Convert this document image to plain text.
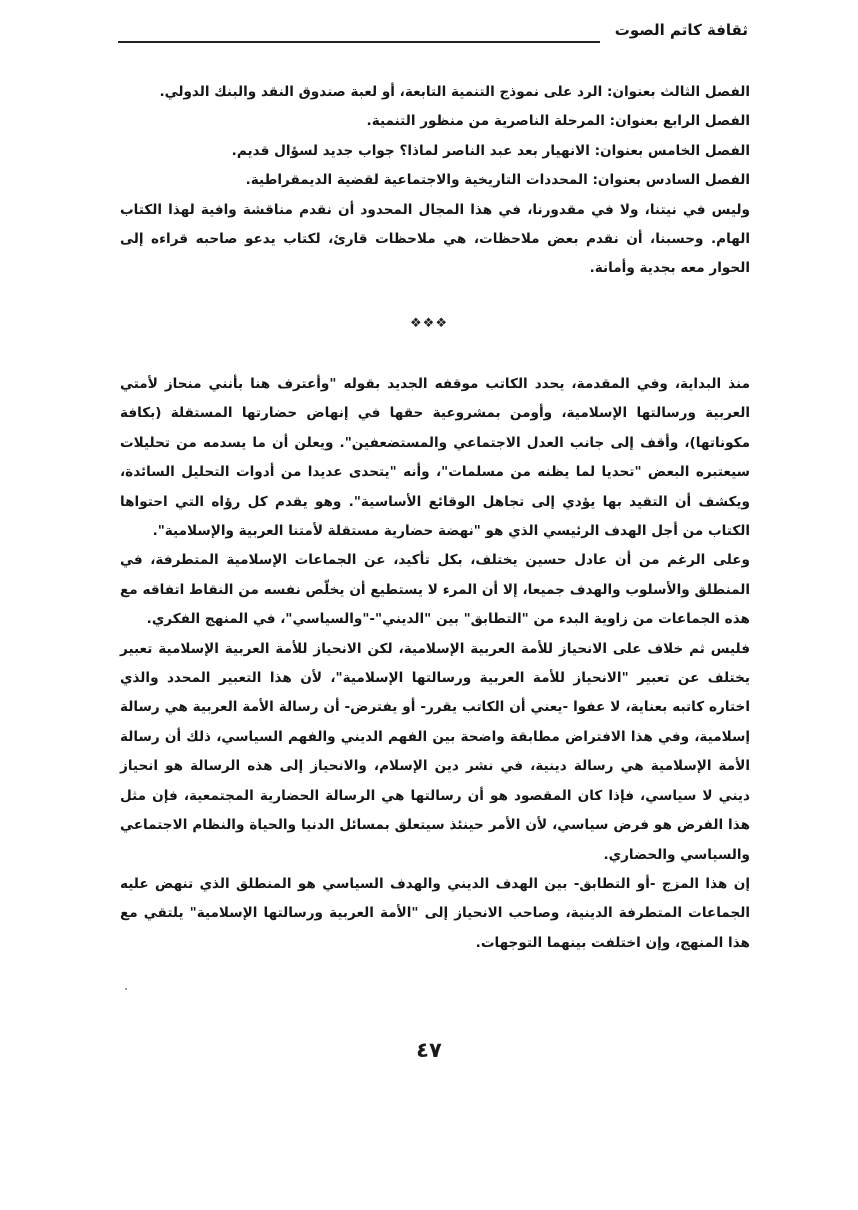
ثقافة كاتم الصوت

الفصل الثالث بعنوان: الرد على نموذج التنمية التابعة، أو لعبة صندوق النقد والبنك الدولي.

الفصل الرابع بعنوان: المرحلة الناصرية من منظور التنمية.

الفصل الخامس بعنوان: الانهيار بعد عبد الناصر لماذا؟ جواب جديد لسؤال قديم.

الفصل السادس بعنوان: المحددات التاريخية والاجتماعية لقضية الديمقراطية.

وليس في نيتنا، ولا في مقدورنا، في هذا المجال المحدود أن نقدم مناقشة وافية لهذا الكتاب الهام. وحسبنا، أن نقدم بعض ملاحظات، هي ملاحظات قارئ، لكتاب يدعو صاحبه قراءه إلى الحوار معه بجدية وأمانة.

❖❖❖

منذ البداية، وفي المقدمة، يحدد الكاتب موقفه الجديد بقوله "وأعترف هنا بأنني منحاز لأمتي العربية ورسالتها الإسلامية، وأومن بمشروعية حقها في إنهاض حضارتها المستقلة (بكافة مكوناتها)، وأقف إلى جانب العدل الاجتماعي والمستضعفين". ويعلن أن ما يسدمه من تحليلات سيعتبره البعض "تحديا لما يظنه من مسلمات"، وأنه "يتحدى عديدا من أدوات التحليل السائدة، ويكشف أن التقيد بها يؤدي إلى تجاهل الوقائع الأساسية". وهو يقدم كل رؤاه التي احتواها الكتاب من أجل الهدف الرئيسي الذي هو "نهضة حضارية مستقلة لأمتنا العربية والإسلامية".

وعلى الرغم من أن عادل حسين يختلف، بكل تأكيد، عن الجماعات الإسلامية المتطرفة، في المنطلق والأسلوب والهدف جميعا، إلا أن المرء لا يستطيع أن يخلّص نفسه من النقاط اتفاقه مع هذه الجماعات من زاوية البدء من "التطابق" بين "الديني"-"والسياسي"، في المنهج الفكري.

فليس ثم خلاف على الانحياز للأمة العربية الإسلامية، لكن الانحياز للأمة العربية الإسلامية تعبير يختلف عن تعبير "الانحياز للأمة العربية ورسالتها الإسلامية"، لأن هذا التعبير المحدد والذي اختاره كاتبه بعناية، لا عفوا -يعني أن الكاتب يقرر- أو يفترض- أن رسالة الأمة العربية هي رسالة إسلامية، وفي هذا الافتراض مطابقة واضحة بين الفهم الديني والفهم السياسي، ذلك أن رسالة الأمة الإسلامية هي رسالة دينية، في نشر دين الإسلام، والانحياز إلى هذه الرسالة هو انحياز ديني لا سياسي، فإذا كان المقصود هو أن رسالتها هي الرسالة الحضارية المجتمعية، فإن مثل هذا الفرض هو فرض سياسي، لأن الأمر حينئذ سيتعلق بمسائل الدنيا والحياة والنظام الاجتماعي والسياسي والحضاري.

إن هذا المزج -أو التطابق- بين الهدف الديني والهدف السياسي هو المنطلق الذي تنهض عليه الجماعات المتطرفة الدينية، وصاحب الانحياز إلى "الأمة العربية ورسالتها الإسلامية" يلتقي مع هذا المنهج، وإن اختلفت بينهما التوجهات.

٤٧
